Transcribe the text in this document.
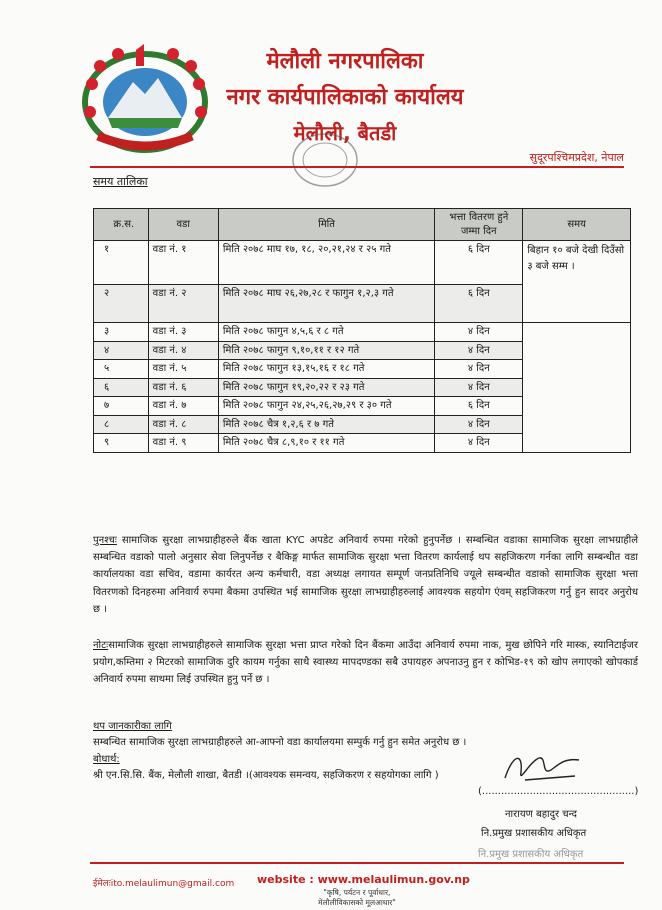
मेलौली नगरपालिका
नगर कार्यपालिकाको कार्यालय
मेलौली, बैतडी
सुदूरपश्चिमप्रदेश, नेपाल
समय तालिका
क्र.स.	वडा	मिति	भत्ता वितरण हुने जम्मा दिन	समय
१	वडा नं. १	मिति २०७८ माघ १७, १८, २०,२१,२४ र २५ गते	६ दिन	बिहान १० बजे देखी दिउँसो ३ बजे सम्म ।
२	वडा नं. २	मिति २०७८ माघ २६,२७,२८ र फागुन १,२,३ गते	६ दिन	
३	वडा नं. ३	मिति २०७८ फागुन ४,५,६ र ८ गते	४ दिन	
४	वडा नं. ४	मिति २०७८ फागुन ९,१०,११ र १२ गते	४ दिन	
५	वडा नं. ५	मिति २०७८ फागुन १३,१५,१६ र १८ गते	४ दिन	
६	वडा नं. ६	मिति २०७८ फागुन १९,२०,२२ र २३ गते	४ दिन	
७	वडा नं. ७	मिति २०७८ फागुन २४,२५,२६,२७,२९ र ३० गते	६ दिन	
८	वडा नं. ८	मिति २०७८ चैत्र १,२,६ र ७ गते	४ दिन	
९	वडा नं. ९	मिति २०७८ चैत्र ८,९,१० र ११ गते	४ दिन	
पुनश्चः सामाजिक सुरक्षा लाभग्राहीहरुले बैंक खाता KYC अपडेट अनिवार्य रुपमा गरेको हुनुपर्नेछ । सम्बन्धित वडाका सामाजिक सुरक्षा लाभग्राहीले सम्बन्धित वडाको पालो अनुसार सेवा लिनुपर्नेछ र बैकिङ्ग मार्फत सामाजिक सुरक्षा भत्ता वितरण कार्यलाई थप सहजिकरण गर्नका लागि सम्बन्धीत वडा कार्यालयका वडा सचिव, वडामा कार्यरत अन्य कर्मचारी, वडा अध्यक्ष लगायत सम्पूर्ण जनप्रतिनिधि ज्यूले सम्बन्धीत वडाको सामाजिक सुरक्षा भत्ता वितरणको दिनहरुमा अनिवार्य रुपमा बैकमा उपस्थित भई सामाजिक सुरक्षा लाभग्राहीहरुलाई आवश्यक सहयोग एंवम् सहजिकरण गर्नु हुन सादर अनुरोध छ ।
नोटःसामाजिक सुरक्षा लाभग्राहीहरुले सामाजिक सुरक्षा भत्ता प्राप्त गरेको दिन बैंकमा आउँदा अनिवार्य रुपमा नाक, मुख छोपिने गरि मास्क, स्यानिटाईजर प्रयोग,कम्तिमा २ मिटरको सामाजिक दुरि कायम गर्नुका साथै स्वास्थ्य मापदण्डका सबै उपायहरु अपनाउनु हुन र कोभिड-१९ को खोप लगाएको खोपकार्ड अनिवार्य रुपमा साथमा लिई उपस्थित हुनु पर्ने छ ।
थप जानकारीका लागि
सम्बन्धित सामाजिक सुरक्षा लाभग्राहीहरुले आ-आफ्नो वडा कार्यालयमा सम्पुर्क गर्नु हुन समेत अनुरोध छ ।
बोधार्थ:
श्री एन.सि.सि. बैंक, मेलौली शाखा, बैतडी ।(आवश्यक समन्वय, सहजिकरण र सहयोगका लागि )
(................................................)
नारायण बहादुर चन्द
नि.प्रमुख प्रशासकीय अधिकृत
नि.प्रमुख प्रशासकीय अधिकृत
ईमेलःito.melaulimun@gmail.com website : www.melaulimun.gov.np
"कृषि, पर्यटन र पूर्वाधार,
मेलौलीविकासको मूलआधार"
